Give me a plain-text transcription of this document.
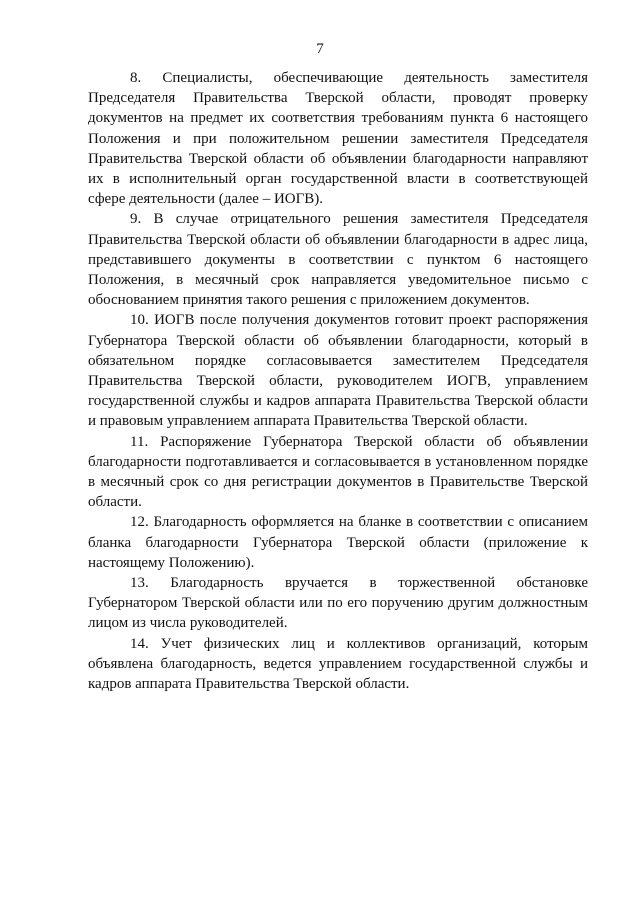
7

8. Специалисты, обеспечивающие деятельность заместителя Председателя Правительства Тверской области, проводят проверку документов на предмет их соответствия требованиям пункта 6 настоящего Положения и при положительном решении заместителя Председателя Правительства Тверской области об объявлении благодарности направляют их в исполнительный орган государственной власти в соответствующей сфере деятельности (далее – ИОГВ).

9. В случае отрицательного решения заместителя Председателя Правительства Тверской области об объявлении благодарности в адрес лица, представившего документы в соответствии с пунктом 6 настоящего Положения, в месячный срок направляется уведомительное письмо с обоснованием принятия такого решения с приложением документов.

10. ИОГВ после получения документов готовит проект распоряжения Губернатора Тверской области об объявлении благодарности, который в обязательном порядке согласовывается заместителем Председателя Правительства Тверской области, руководителем ИОГВ, управлением государственной службы и кадров аппарата Правительства Тверской области и правовым управлением аппарата Правительства Тверской области.

11. Распоряжение Губернатора Тверской области об объявлении благодарности подготавливается и согласовывается в установленном порядке в месячный срок со дня регистрации документов в Правительстве Тверской области.

12. Благодарность оформляется на бланке в соответствии с описанием бланка благодарности Губернатора Тверской области (приложение к настоящему Положению).

13. Благодарность вручается в торжественной обстановке Губернатором Тверской области или по его поручению другим должностным лицом из числа руководителей.

14. Учет физических лиц и коллективов организаций, которым объявлена благодарность, ведется управлением государственной службы и кадров аппарата Правительства Тверской области.
